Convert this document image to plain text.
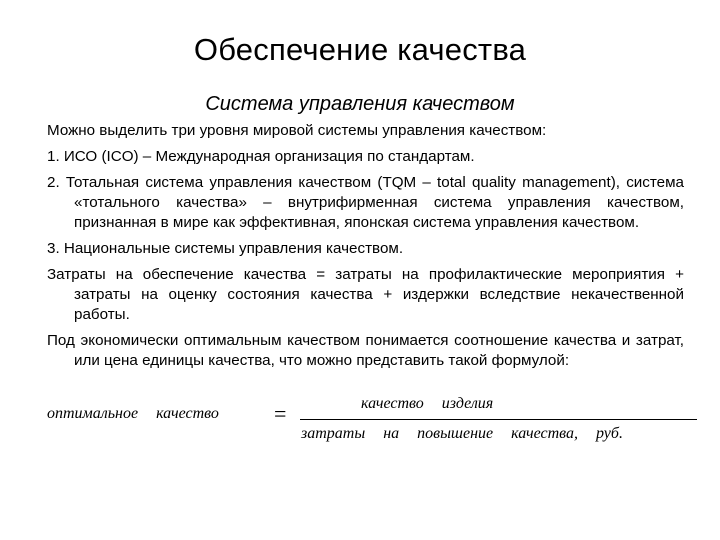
Обеспечение качества
Система управления качеством

Можно выделить три уровня мировой системы управления качеством:

1. ИСО (ICO) – Международная организация по стандартам.

2. Тотальная система управления качеством (TQM – total quality management), система «тотального качества» – внутрифирменная система управления качеством, признанная в мире как эффективная, японская система управления качеством.

3. Национальные системы управления качеством.

Затраты на обеспечение качества = затраты на профилактические мероприятия + затраты на оценку состояния качества + издержки вследствие некачественной работы.

Под экономически оптимальным качеством понимается соотношение качества и затрат, или цена единицы качества, что можно представить такой формулой:

оптимальное качество	=	качество изделия
затраты на повышение качества, руб.
